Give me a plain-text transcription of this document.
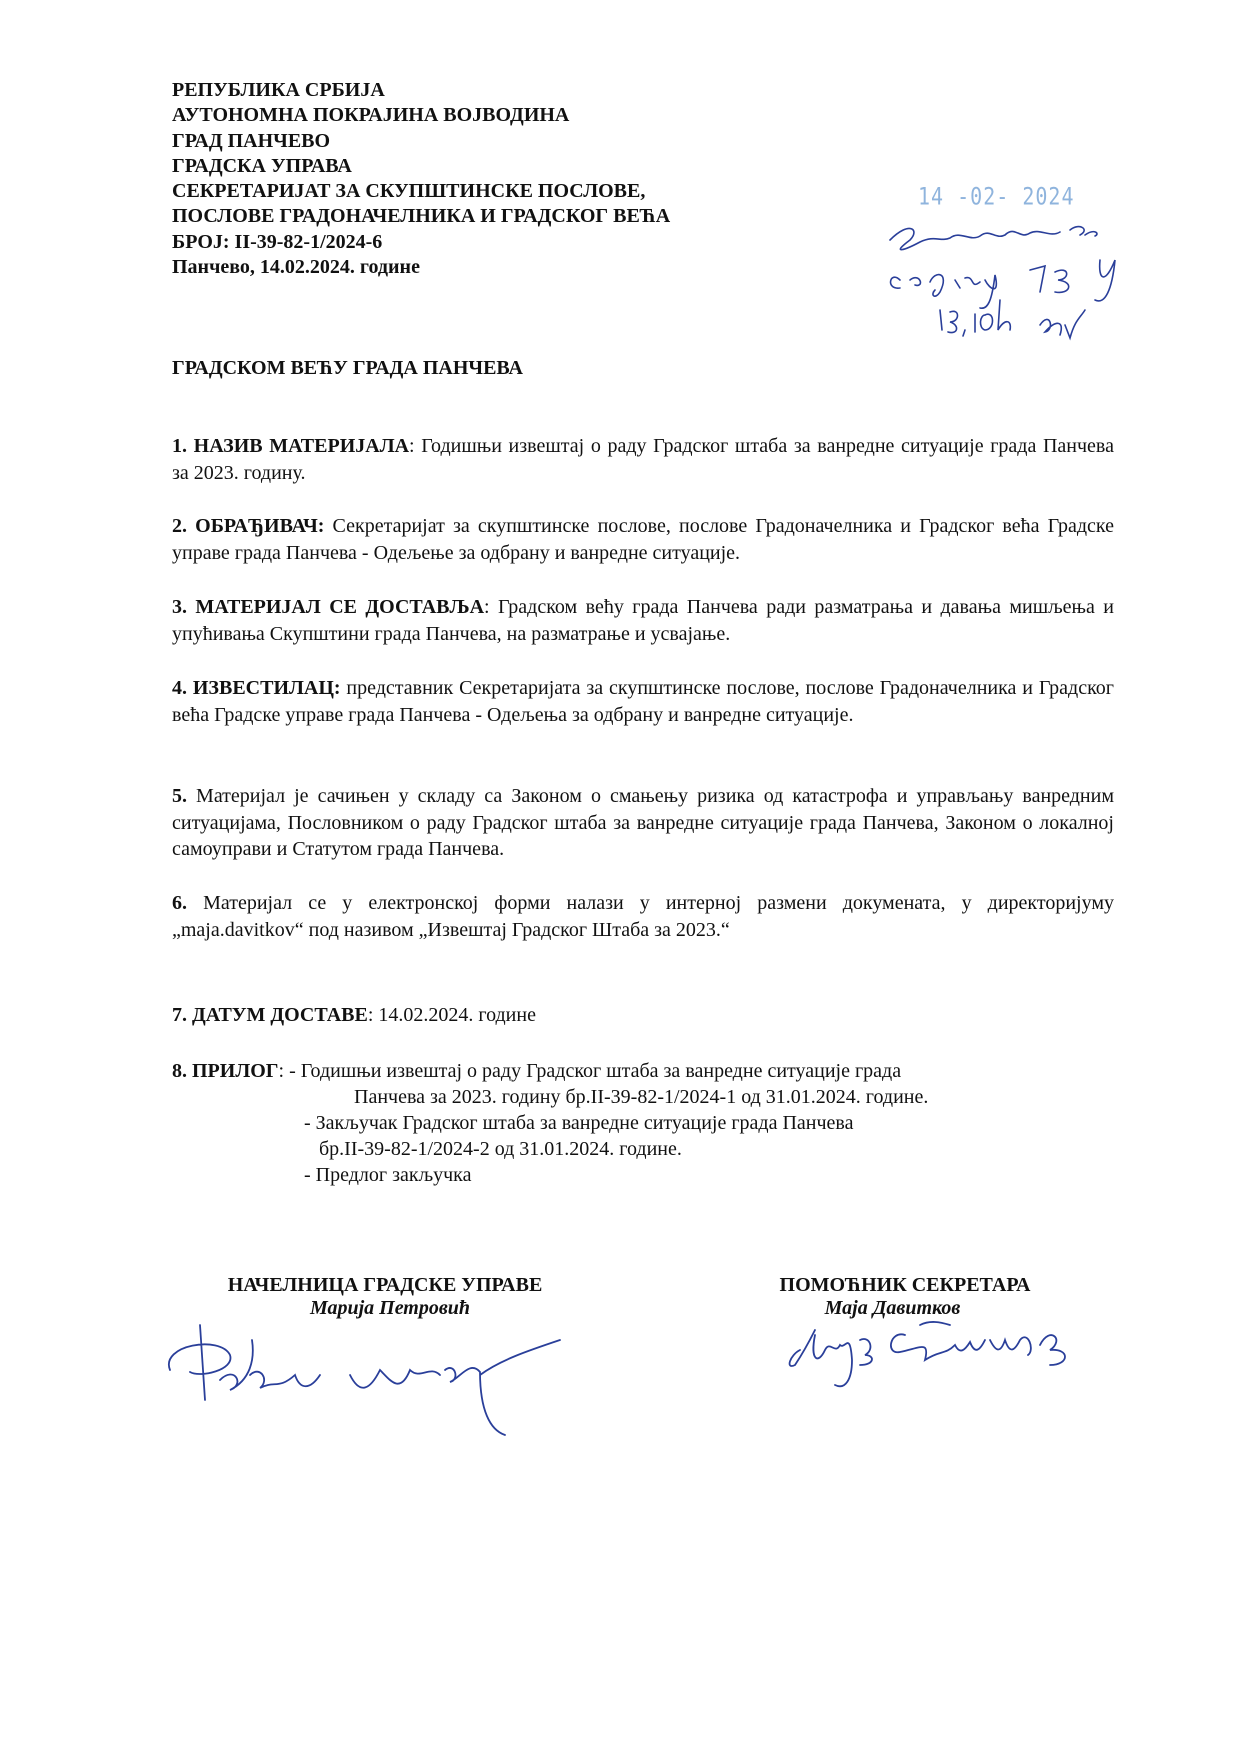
РЕПУБЛИКА СРБИЈА
АУТОНОМНА ПОКРАЈИНА ВОЈВОДИНА
ГРАД ПАНЧЕВО
ГРАДСКА УПРАВА
СЕКРЕТАРИЈАТ ЗА СКУПШТИНСКЕ ПОСЛОВЕ,
ПОСЛОВЕ ГРАДОНАЧЕЛНИКА И ГРАДСКОГ ВЕЋА
БРОЈ: II-39-82-1/2024-6
Панчево, 14.02.2024. године
14 -02- 2024
ГРАДСКОМ ВЕЋУ ГРАДА ПАНЧЕВА
1. НАЗИВ МАТЕРИЈАЛА: Годишњи извештај о раду Градског штаба за ванредне ситуације града Панчева за 2023. годину.
2. ОБРАЂИВАЧ: Секретаријат за скупштинске послове, послове Градоначелника и Градског већа Градске управе града Панчева - Одељење за одбрану и ванредне ситуације.
3. МАТЕРИЈАЛ СЕ ДОСТАВЉА: Градском већу града Панчева ради разматрања и давања мишљења и упућивања Скупштини града Панчева, на разматрање и усвајање.
4. ИЗВЕСТИЛАЦ: представник Секретаријата за скупштинске послове, послове Градоначелника и Градског већа Градске управе града Панчева - Одељења за одбрану и ванредне ситуације.
5. Материјал је сачињен у складу са Законом о смањењу ризика од катастрофа и управљању ванредним ситуацијама, Пословником о раду Градског штаба за ванредне ситуације града Панчева, Законом о локалној самоуправи и Статутом града Панчева.
6. Материјал се у електронској форми налази у интерној размени докумената, у директоријуму „maja.davitkov“ под називом „Извештај Градског Штаба за 2023.“
7. ДАТУМ ДОСТАВЕ: 14.02.2024. године
8. ПРИЛОГ: - Годишњи извештај о раду Градског штаба за ванредне ситуације града
Панчева за 2023. годину бр.II-39-82-1/2024-1 од 31.01.2024. године.
- Закључак Градског штаба за ванредне ситуације града Панчева
бр.II-39-82-1/2024-2 од 31.01.2024. године.
- Предлог закључка
НАЧЕЛНИЦА ГРАДСКЕ УПРАВЕ
Марија Петровић
ПОМОЋНИК СЕКРЕТАРА
Маја Давитков
